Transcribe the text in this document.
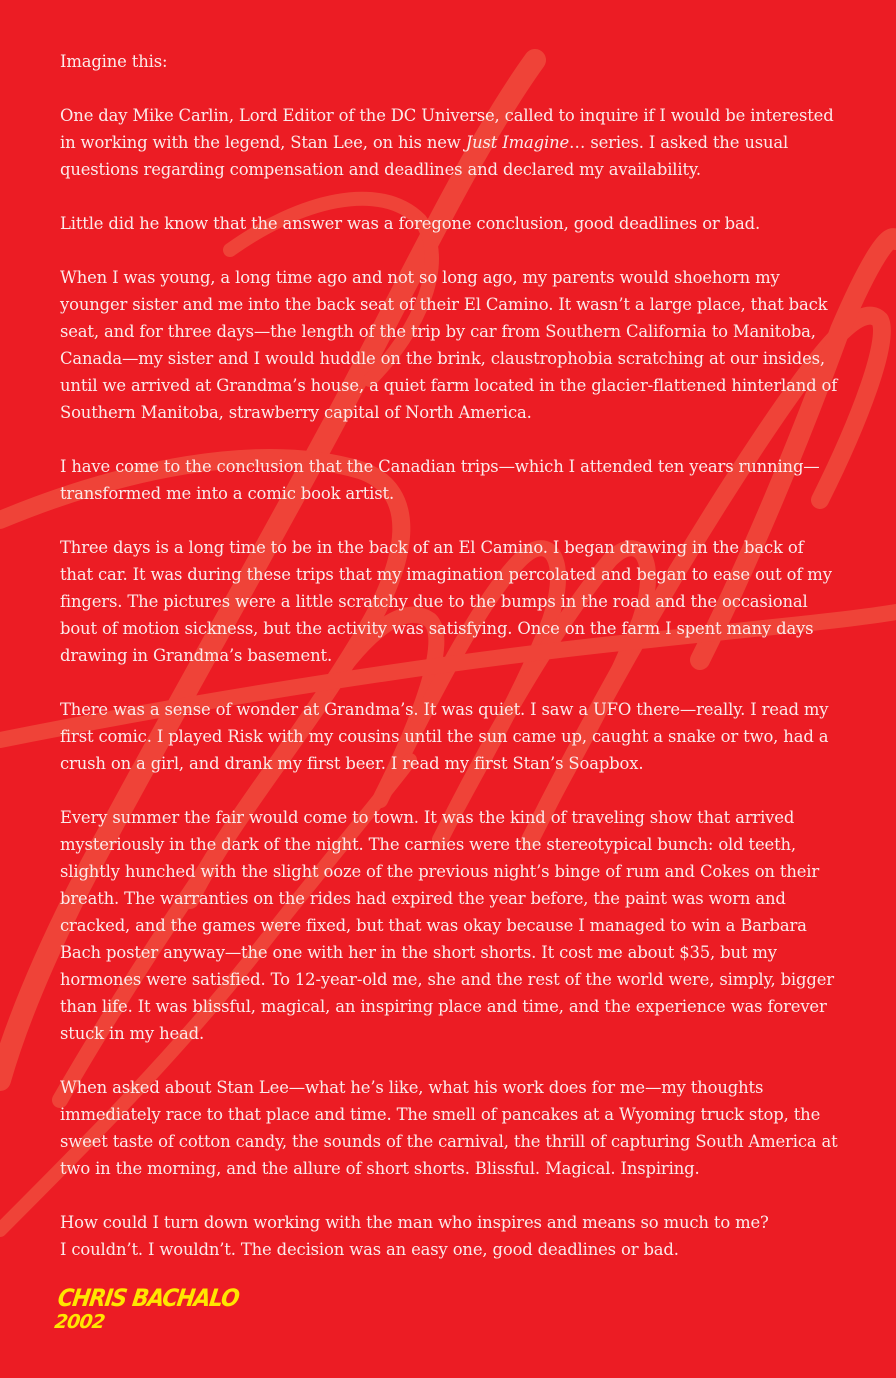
Imagine this:

One day Mike Carlin, Lord Editor of the DC Universe, called to inquire if I would be interested in working with the legend, Stan Lee, on his new Just Imagine… series. I asked the usual questions regarding compensation and deadlines and declared my availability.

Little did he know that the answer was a foregone conclusion, good deadlines or bad.

When I was young, a long time ago and not so long ago, my parents would shoehorn my younger sister and me into the back seat of their El Camino. It wasn’t a large place, that back seat, and for three days—the length of the trip by car from Southern California to Manitoba, Canada—my sister and I would huddle on the brink, claustrophobia scratching at our insides, until we arrived at Grandma’s house, a quiet farm located in the glacier-flattened hinterland of Southern Manitoba, strawberry capital of North America.

I have come to the conclusion that the Canadian trips—which I attended ten years running—transformed me into a comic book artist.

Three days is a long time to be in the back of an El Camino. I began drawing in the back of that car. It was during these trips that my imagination percolated and began to ease out of my fingers. The pictures were a little scratchy due to the bumps in the road and the occasional bout of motion sickness, but the activity was satisfying. Once on the farm I spent many days drawing in Grandma’s basement.

There was a sense of wonder at Grandma’s. It was quiet. I saw a UFO there—really. I read my first comic. I played Risk with my cousins until the sun came up, caught a snake or two, had a crush on a girl, and drank my first beer. I read my first Stan’s Soapbox.

Every summer the fair would come to town. It was the kind of traveling show that arrived mysteriously in the dark of the night. The carnies were the stereotypical bunch: old teeth, slightly hunched with the slight ooze of the previous night’s binge of rum and Cokes on their breath. The warranties on the rides had expired the year before, the paint was worn and cracked, and the games were fixed, but that was okay because I managed to win a Barbara Bach poster anyway—the one with her in the short shorts. It cost me about $35, but my hormones were satisfied. To 12-year-old me, she and the rest of the world were, simply, bigger than life. It was blissful, magical, an inspiring place and time, and the experience was forever stuck in my head.

When asked about Stan Lee—what he’s like, what his work does for me—my thoughts immediately race to that place and time. The smell of pancakes at a Wyoming truck stop, the sweet taste of cotton candy, the sounds of the carnival, the thrill of capturing South America at two in the morning, and the allure of short shorts. Blissful. Magical. Inspiring.

How could I turn down working with the man who inspires and means so much to me?
I couldn’t. I wouldn’t. The decision was an easy one, good deadlines or bad.

CHRIS BACHALO
2002
